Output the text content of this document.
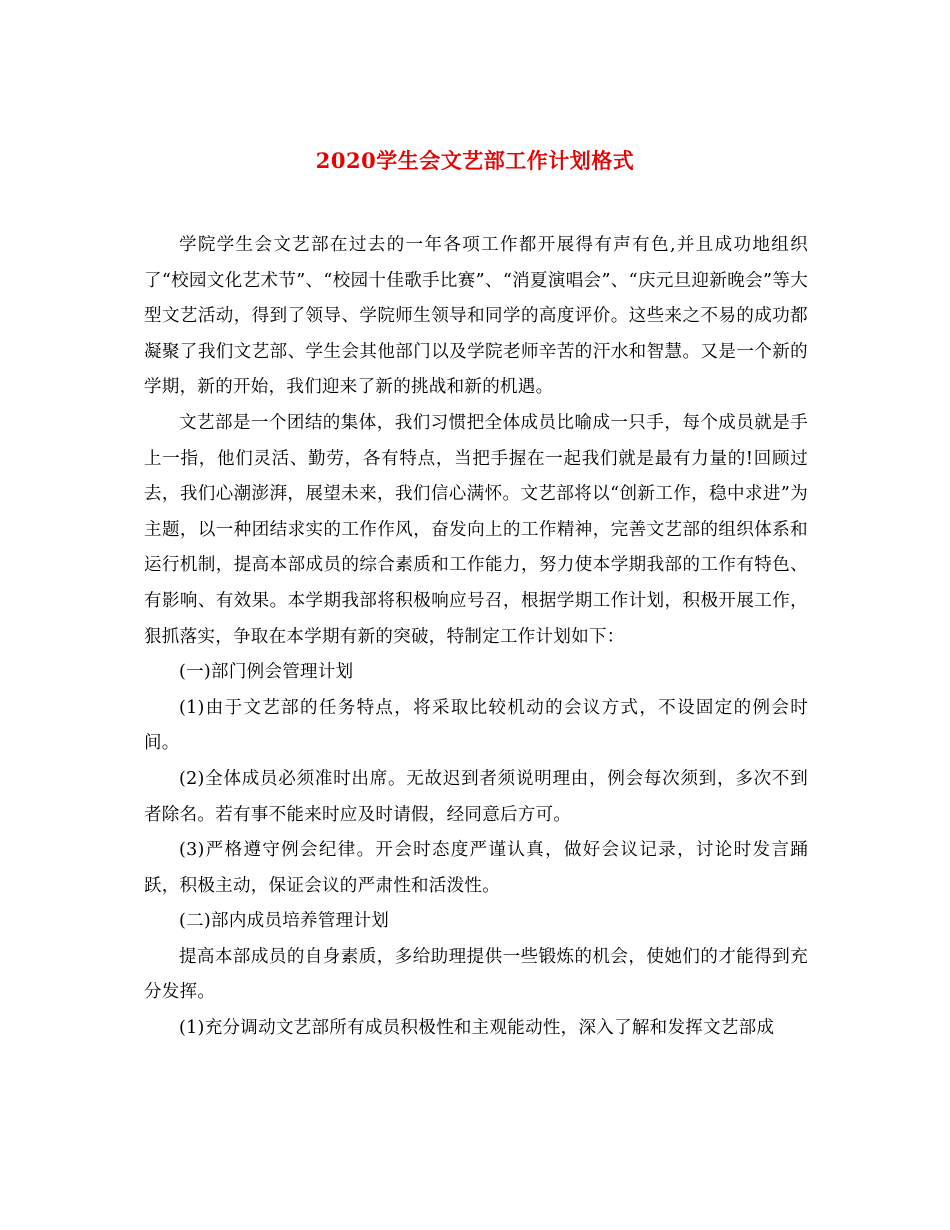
2020学生会文艺部工作计划格式

学院学生会文艺部在过去的一年各项工作都开展得有声有色,并且成功地组织了“校园文化艺术节”、“校园十佳歌手比赛”、“消夏演唱会”、“庆元旦迎新晚会”等大型文艺活动，得到了领导、学院师生领导和同学的高度评价。这些来之不易的成功都凝聚了我们文艺部、学生会其他部门以及学院老师辛苦的汗水和智慧。又是一个新的学期，新的开始，我们迎来了新的挑战和新的机遇。

文艺部是一个团结的集体，我们习惯把全体成员比喻成一只手，每个成员就是手上一指，他们灵活、勤劳，各有特点，当把手握在一起我们就是最有力量的!回顾过去，我们心潮澎湃，展望未来，我们信心满怀。文艺部将以“创新工作，稳中求进”为主题，以一种团结求实的工作作风，奋发向上的工作精神，完善文艺部的组织体系和运行机制，提高本部成员的综合素质和工作能力，努力使本学期我部的工作有特色、有影响、有效果。本学期我部将积极响应号召，根据学期工作计划，积极开展工作，狠抓落实，争取在本学期有新的突破，特制定工作计划如下：

(一)部门例会管理计划

(1)由于文艺部的任务特点，将采取比较机动的会议方式，不设固定的例会时间。

(2)全体成员必须准时出席。无故迟到者须说明理由，例会每次须到，多次不到者除名。若有事不能来时应及时请假，经同意后方可。

(3)严格遵守例会纪律。开会时态度严谨认真，做好会议记录，讨论时发言踊跃，积极主动，保证会议的严肃性和活泼性。

(二)部内成员培养管理计划

提高本部成员的自身素质，多给助理提供一些锻炼的机会，使她们的才能得到充分发挥。

(1)充分调动文艺部所有成员积极性和主观能动性，深入了解和发挥文艺部成
